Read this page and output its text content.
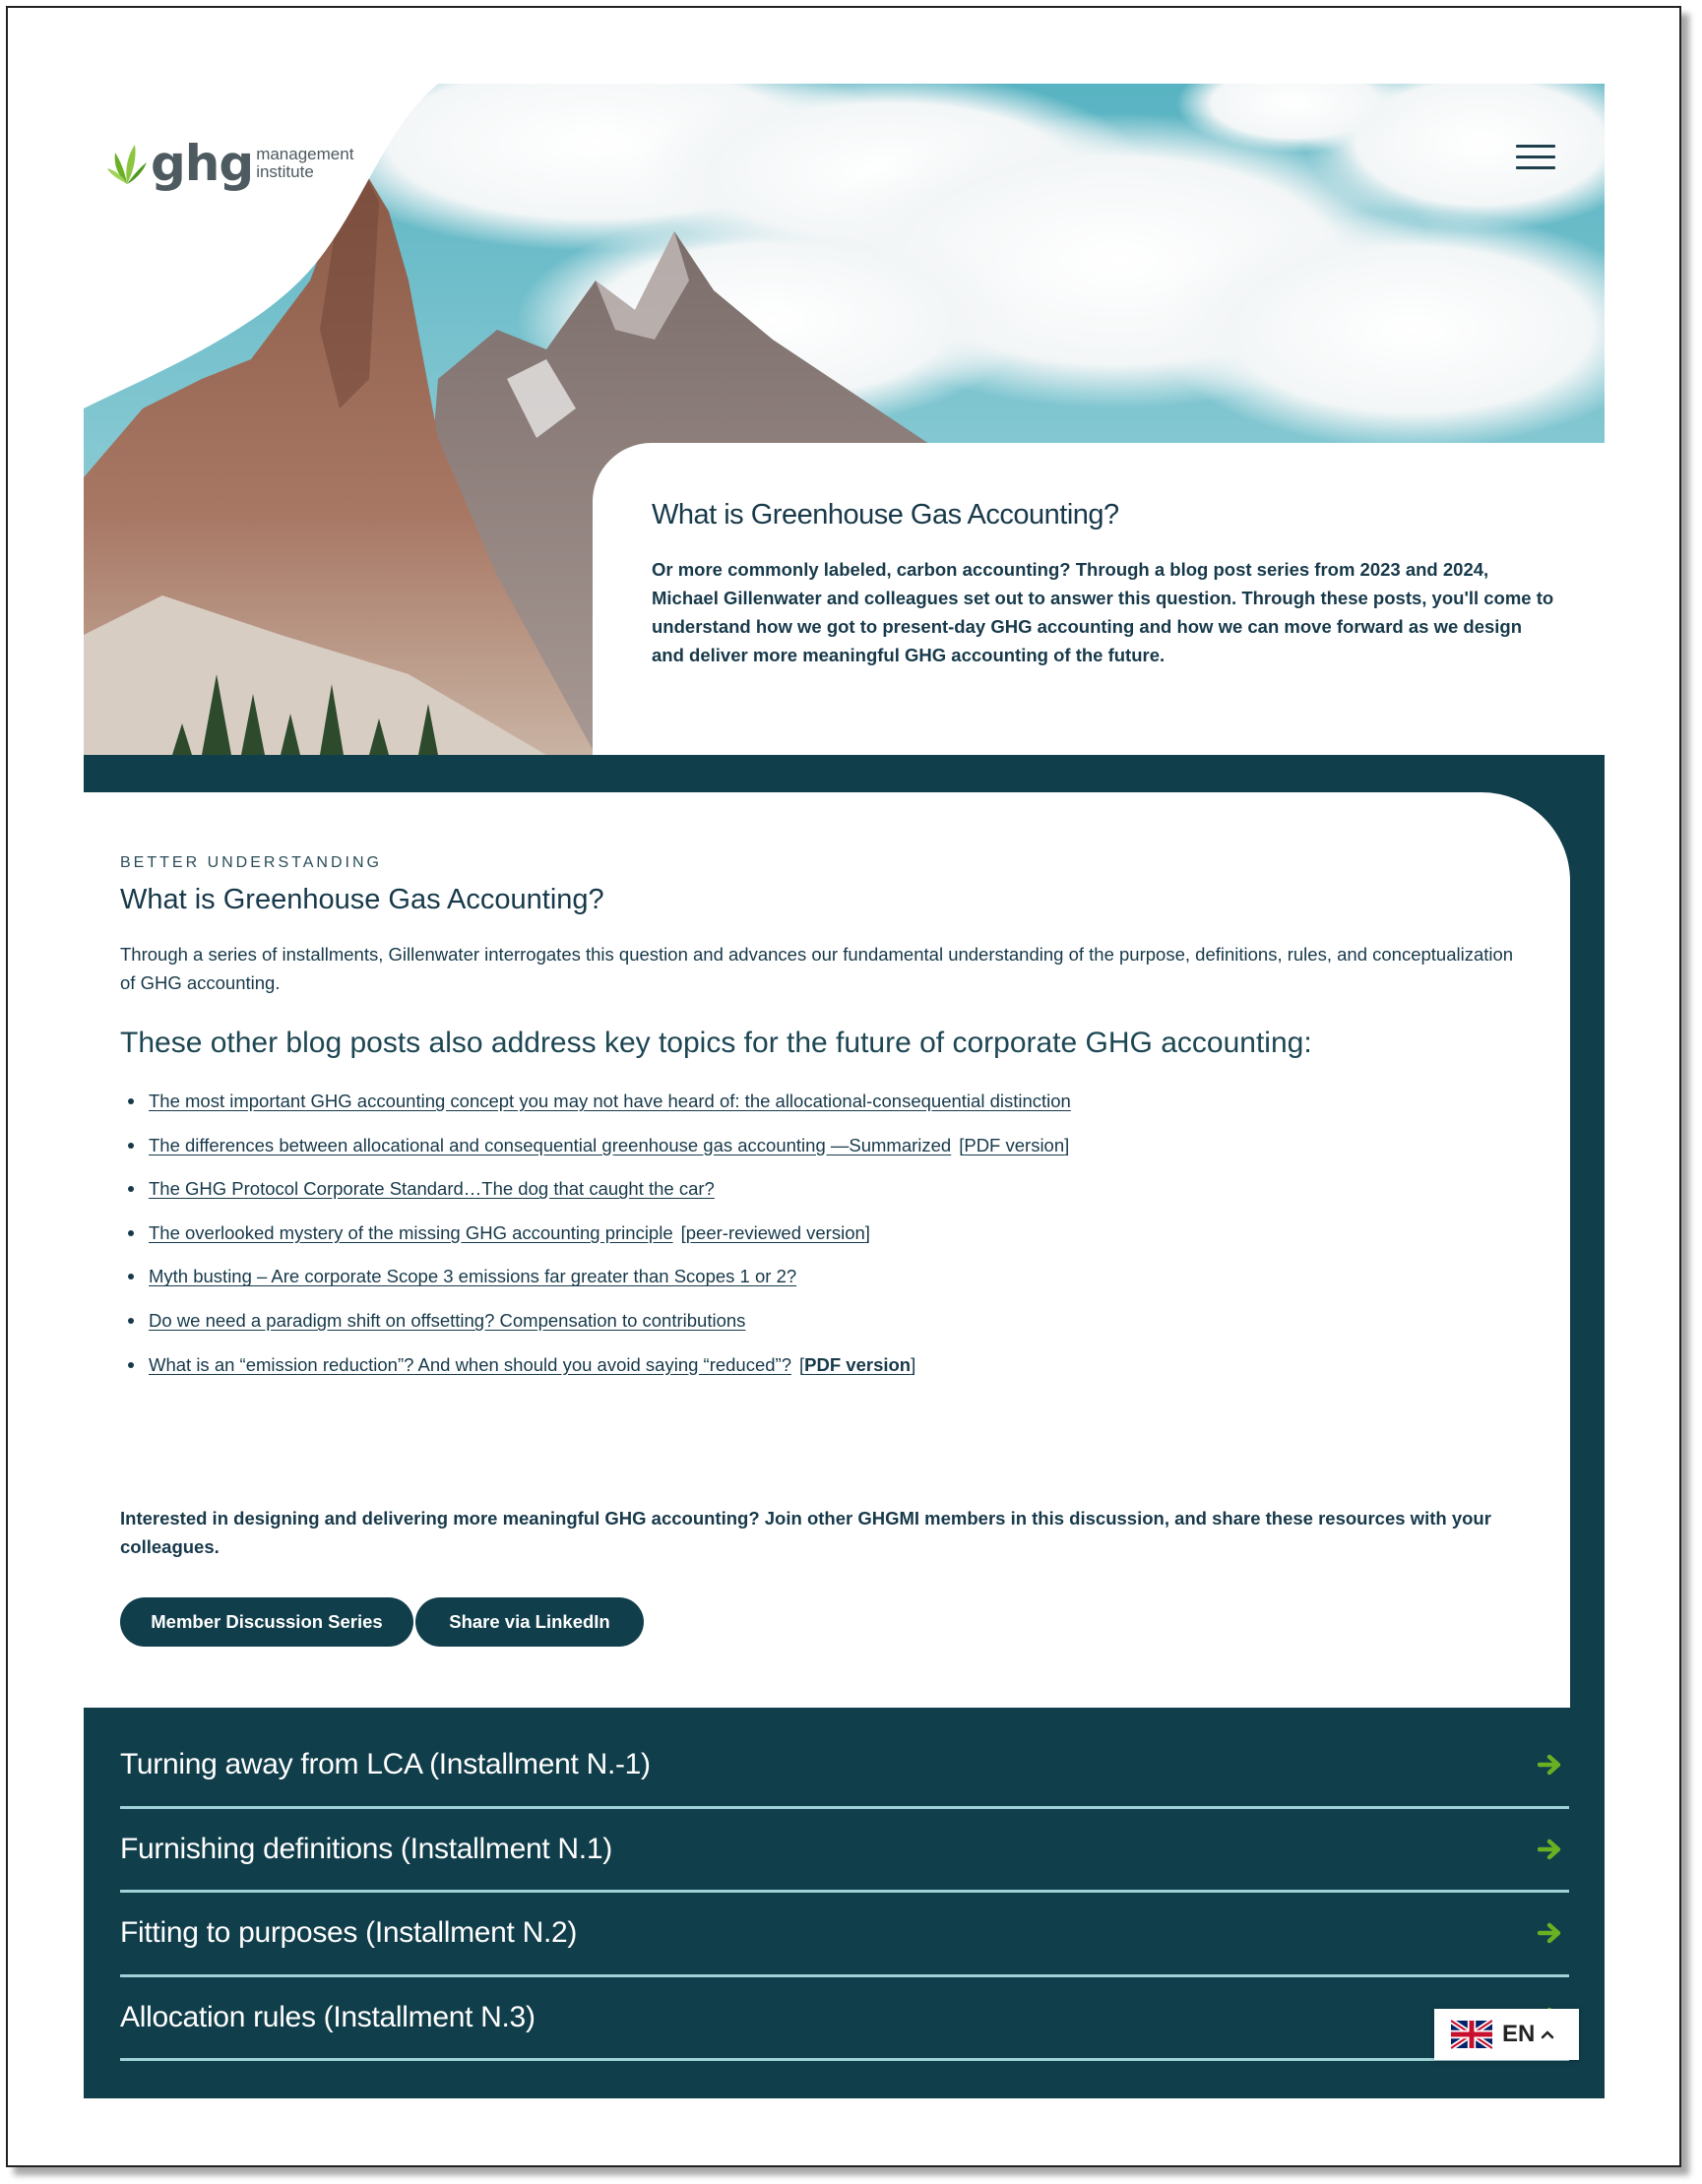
ghg management
institute
What is Greenhouse Gas Accounting?

Or more commonly labeled, carbon accounting? Through a blog post series from 2023 and 2024, Michael Gillenwater and colleagues set out to answer this question. Through these posts, you'll come to understand how we got to present-day GHG accounting and how we can move forward as we design and deliver more meaningful GHG accounting of the future.

BETTER UNDERSTANDING
What is Greenhouse Gas Accounting?

Through a series of installments, Gillenwater interrogates this question and advances our fundamental understanding of the purpose, definitions, rules, and conceptualization of GHG accounting.

These other blog posts also address key topics for the future of corporate GHG accounting:
The most important GHG accounting concept you may not have heard of: the allocational-consequential distinction
The differences between allocational and consequential greenhouse gas accounting —Summarized [PDF version]
The GHG Protocol Corporate Standard…The dog that caught the car?
The overlooked mystery of the missing GHG accounting principle [peer-reviewed version]
Myth busting – Are corporate Scope 3 emissions far greater than Scopes 1 or 2?
Do we need a paradigm shift on offsetting? Compensation to contributions
What is an “emission reduction”? And when should you avoid saying “reduced”? [PDF version]

Interested in designing and delivering more meaningful GHG accounting? Join other GHGMI members in this discussion, and share these resources with your colleagues.

Member Discussion Series	Share via LinkedIn
Turning away from LCA (Installment N.-1)
Furnishing definitions (Installment N.1)
Fitting to purposes (Installment N.2)
Allocation rules (Installment N.3)
EN
